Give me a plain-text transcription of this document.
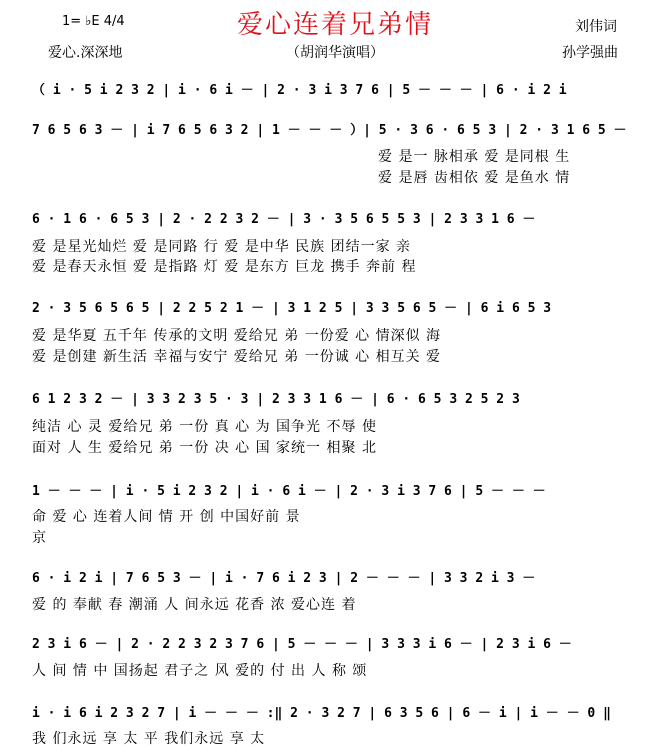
爱心连着兄弟情
1= ♭E 4/4
爱心.深深地	（胡润华演唱）
刘伟词
孙学强曲
（ i · 5 i 2 3 2 | i · 6 i － | 2 · 3 i 3 7 6 | 5 － － － | 6 · i 2 i
7 6 5 6 3 － | i 7 6 5 6 3 2 | 1 － － － ）| 5 · 3 6 · 6 5 3 | 2 · 3 1 6 5 －
爱 是一 脉相承 爱 是同根 生
爱 是唇 齿相依 爱 是鱼水 情
6 · 1 6 · 6 5 3 | 2 · 2 2 3 2 － | 3 · 3 5 6 5 5 3 | 2 3 3 1 6 －
爱 是星光灿烂 爱 是同路 行 爱 是中华 民族 团结一家 亲
爱 是春天永恒 爱 是指路 灯 爱 是东方 巨龙 携手 奔前 程
2 · 3 5 6 5 6 5 | 2 2 5 2 1 － | 3 1 2 5 | 3 3 5 6 5 － | 6 i 6 5 3
爱 是华夏 五千年 传承的文明 爱给兄 弟 一份爱 心 情深似 海
爱 是创建 新生活 幸福与安宁 爱给兄 弟 一份诚 心 相互关 爱
6 1 2 3 2 － | 3 3 2 3 5 · 3 | 2 3 3 1 6 － | 6 · 6 5 3 2 5 2 3
纯洁 心 灵 爱给兄 弟 一份 真 心 为 国争光 不辱 使
面对 人 生 爱给兄 弟 一份 决 心 国 家统一 相聚 北
1 － － － | i · 5 i 2 3 2 | i · 6 i － | 2 · 3 i 3 7 6 | 5 － － －
命 爱 心 连着人间 情 开 创 中国好前 景
京
6 · i 2 i | 7 6 5 3 － | i · 7 6 i 2 3 | 2 － － － | 3 3 2 i 3 －
爱 的 奉献 春 潮涌 人 间永远 花香 浓 爱心连 着
2 3 i 6 － | 2 · 2 2 3 2 3 7 6 | 5 － － － | 3 3 3 i 6 － | 2 3 i 6 －
人 间 情 中 国扬起 君子之 风 爱的 付 出 人 称 颂
i · i 6 i 2 3 2 7 | i － － － :‖ 2 · 3 2 7 | 6 3 5 6 | 6 － i | i － － 0 ‖
我 们永远 享 太 平 我们永远 享 太
